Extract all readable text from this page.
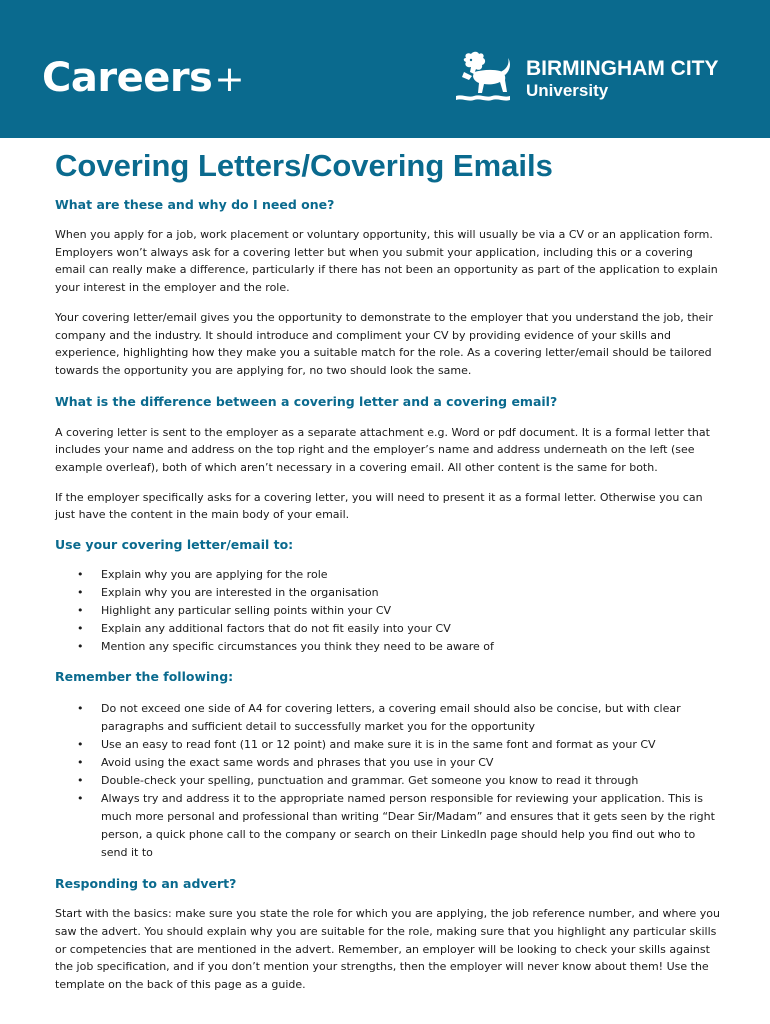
Careers+	BIRMINGHAM CITY
University
Covering Letters/Covering Emails
What are these and why do I need one?

When you apply for a job, work placement or voluntary opportunity, this will usually be via a CV or an application form. Employers won’t always ask for a covering letter but when you submit your application, including this or a covering email can really make a difference, particularly if there has not been an opportunity as part of the application to explain your interest in the employer and the role.

Your covering letter/email gives you the opportunity to demonstrate to the employer that you understand the job, their company and the industry. It should introduce and compliment your CV by providing evidence of your skills and experience, highlighting how they make you a suitable match for the role. As a covering letter/email should be tailored towards the opportunity you are applying for, no two should look the same.

What is the difference between a covering letter and a covering email?

A covering letter is sent to the employer as a separate attachment e.g. Word or pdf document. It is a formal letter that includes your name and address on the top right and the employer’s name and address underneath on the left (see example overleaf), both of which aren’t necessary in a covering email. All other content is the same for both.

If the employer specifically asks for a covering letter, you will need to present it as a formal letter. Otherwise you can just have the content in the main body of your email.

Use your covering letter/email to:
• Explain why you are applying for the role
• Explain why you are interested in the organisation
• Highlight any particular selling points within your CV
• Explain any additional factors that do not fit easily into your CV
• Mention any specific circumstances you think they need to be aware of
Remember the following:
• Do not exceed one side of A4 for covering letters, a covering email should also be concise, but with clear paragraphs and sufficient detail to successfully market you for the opportunity
• Use an easy to read font (11 or 12 point) and make sure it is in the same font and format as your CV
• Avoid using the exact same words and phrases that you use in your CV
• Double-check your spelling, punctuation and grammar. Get someone you know to read it through
• Always try and address it to the appropriate named person responsible for reviewing your application. This is much more personal and professional than writing “Dear Sir/Madam” and ensures that it gets seen by the right person, a quick phone call to the company or search on their LinkedIn page should help you find out who to send it to
Responding to an advert?

Start with the basics: make sure you state the role for which you are applying, the job reference number, and where you saw the advert. You should explain why you are suitable for the role, making sure that you highlight any particular skills or competencies that are mentioned in the advert. Remember, an employer will be looking to check your skills against the job specification, and if you don’t mention your strengths, then the employer will never know about them! Use the template on the back of this page as a guide.
